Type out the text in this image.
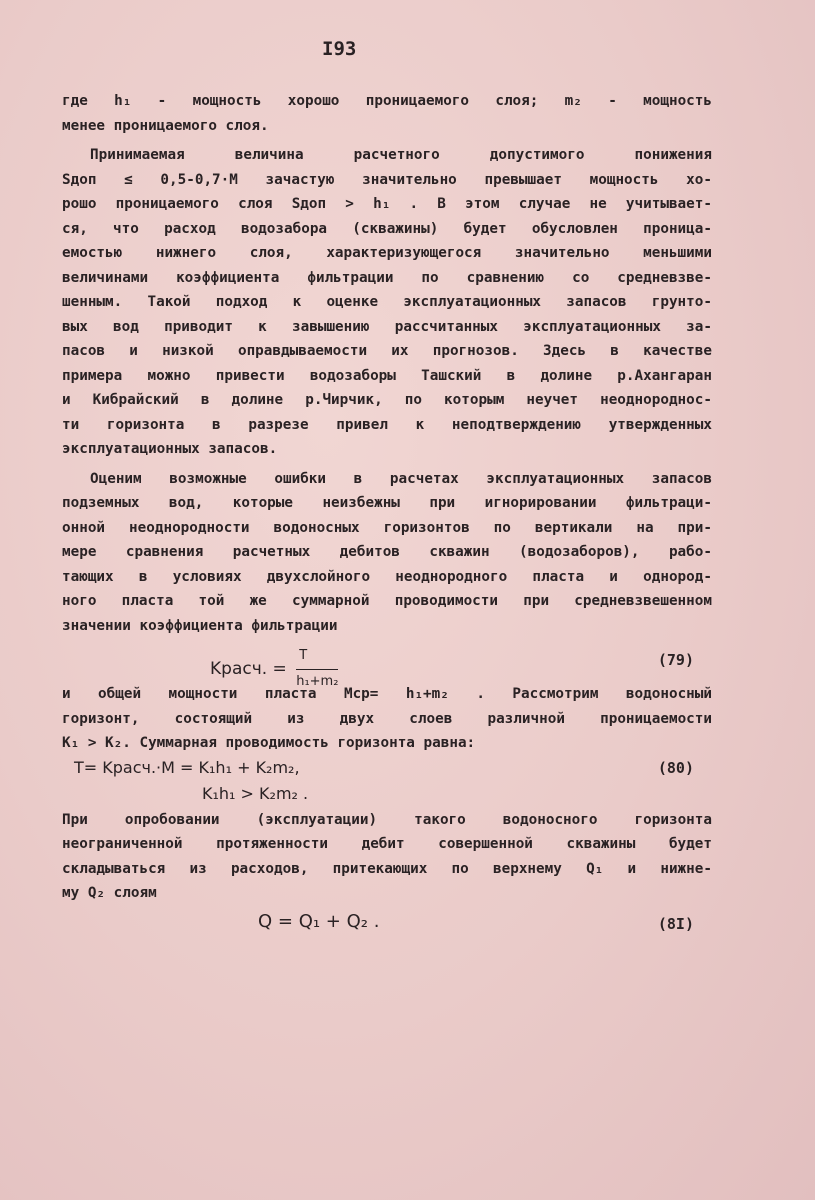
I93
где h₁ - мощность хорошо проницаемого слоя; m₂ - мощность
менее проницаемого слоя.
Принимаемая величина расчетного допустимого понижения
Sдоп ≤ 0,5-0,7·M зачастую значительно превышает мощность хо-
рошо проницаемого слоя Sдоп > h₁ . В этом случае не учитывает-
ся, что расход водозабора (скважины) будет обусловлен проница-
емостью нижнего слоя, характеризующегося значительно меньшими
величинами коэффициента фильтрации по сравнению со средневзве-
шенным. Такой подход к оценке эксплуатационных запасов грунто-
вых вод приводит к завышению рассчитанных эксплуатационных за-
пасов и низкой оправдываемости их прогнозов. Здесь в качестве
примера можно привести водозаборы Ташский в долине р.Ахангаран
и Кибрайский в долине р.Чирчик, по которым неучет неоднороднос-
ти горизонта в разрезе привел к неподтверждению утвержденных
эксплуатационных запасов.
Оценим возможные ошибки в расчетах эксплуатационных запасов
подземных вод, которые неизбежны при игнорировании фильтраци-
онной неоднородности водоносных горизонтов по вертикали на при-
мере сравнения расчетных дебитов скважин (водозаборов), рабо-
тающих в условиях двухслойного неоднородного пласта и однород-
ного пласта той же суммарной проводимости при средневзвешенном
значении коэффициента фильтрации
Kрасч. = $\frac{T}{\text{h₁+m₂}}$	(79)
и общей мощности пласта Mср= h₁+m₂ . Рассмотрим водоносный
горизонт, состоящий из двух слоев различной проницаемости
K₁ > K₂. Суммарная проводимость горизонта равна:
T= Kрасч.·M = K₁h₁ + K₂m₂,
K₁h₁ > K₂m₂ .
(80)
При опробовании (эксплуатации) такого водоносного горизонта
неограниченной протяженности дебит совершенной скважины будет
складываться из расходов, притекающих по верхнему Q₁ и нижне-
му Q₂ слоям
Q = Q₁ + Q₂ .	(8I)
